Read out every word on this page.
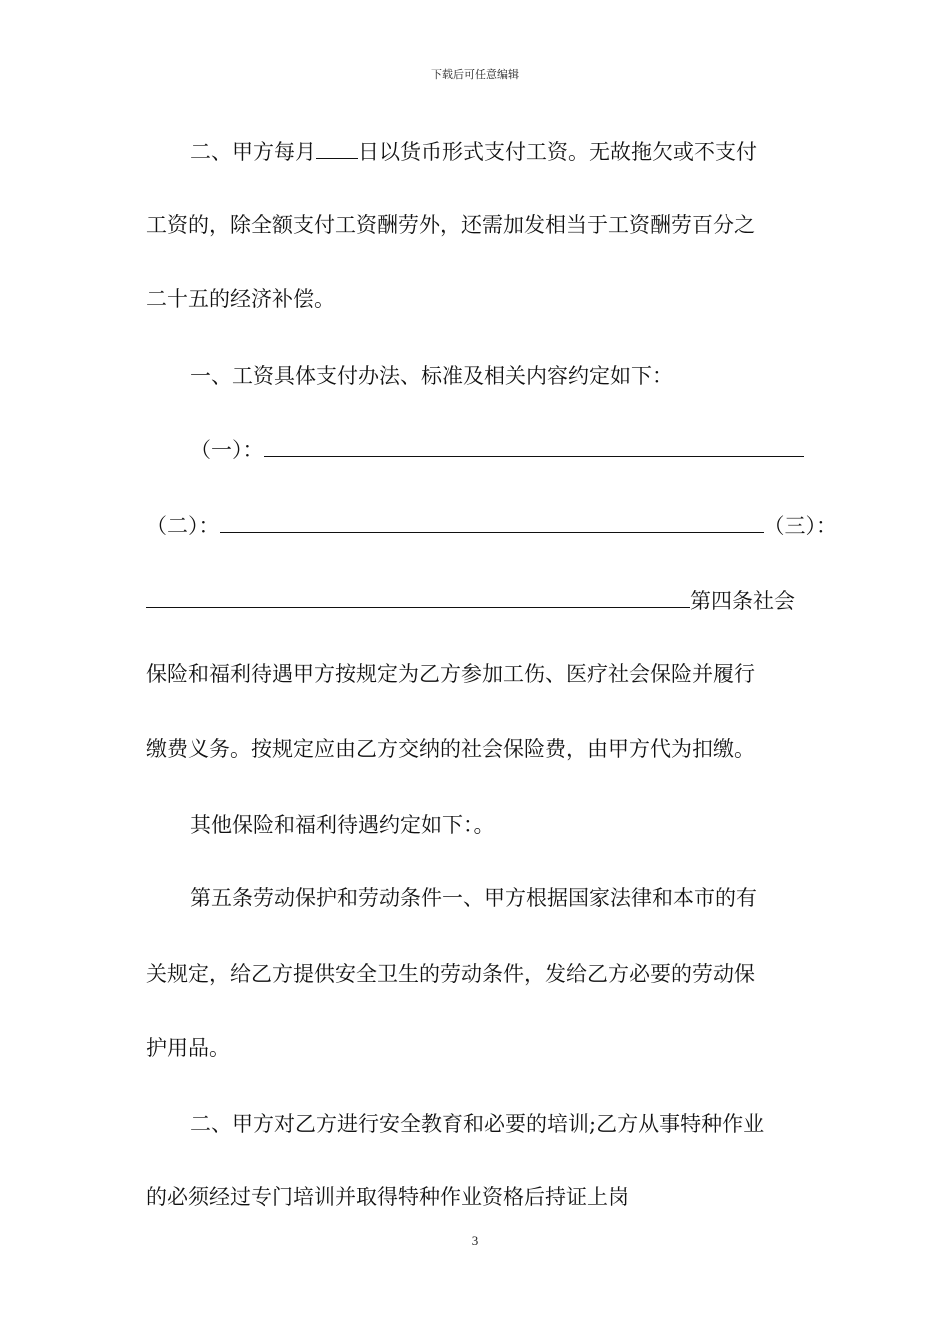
下载后可任意编辑
二、甲方每月 日以货币形式支付工资。无故拖欠或不支付
工资的，除全额支付工资酬劳外，还需加发相当于工资酬劳百分之
二十五的经济补偿。
一、工资具体支付办法、标准及相关内容约定如下：
（一）：
（二）：	（三）：
第四条社会
保险和福利待遇甲方按规定为乙方参加工伤、医疗社会保险并履行
缴费义务。按规定应由乙方交纳的社会保险费，由甲方代为扣缴。
其他保险和福利待遇约定如下：。
第五条劳动保护和劳动条件一、甲方根据国家法律和本市的有
关规定，给乙方提供安全卫生的劳动条件，发给乙方必要的劳动保
护用品。
二、甲方对乙方进行安全教育和必要的培训;乙方从事特种作业
的必须经过专门培训并取得特种作业资格后持证上岗
3
